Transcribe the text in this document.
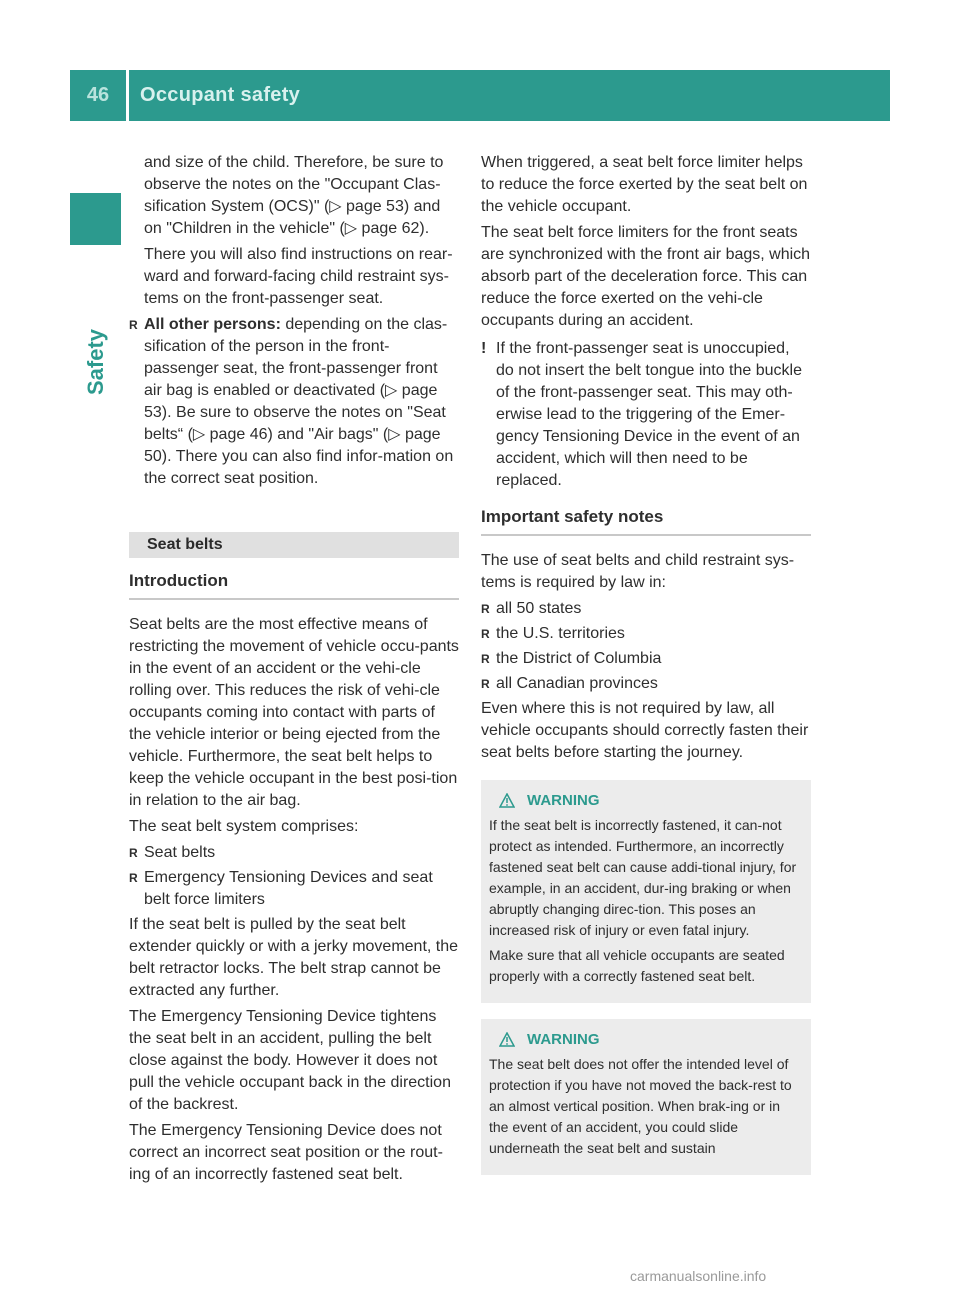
46	Occupant safety
Safety

and size of the child. Therefore, be sure to observe the notes on the "Occupant Clas-sification System (OCS)" (▷ page 53) and on "Children in the vehicle" (▷ page 62).

There you will also find instructions on rear-ward and forward-facing child restraint sys-tems on the front-passenger seat.

R All other persons: depending on the clas-sification of the person in the front-passenger seat, the front-passenger front air bag is enabled or deactivated (▷ page 53). Be sure to observe the notes on "Seat belts“ (▷ page 46) and "Air bags" (▷ page 50). There you can also find infor-mation on the correct seat position.
Seat belts
Introduction

Seat belts are the most effective means of restricting the movement of vehicle occu-pants in the event of an accident or the vehi-cle rolling over. This reduces the risk of vehi-cle occupants coming into contact with parts of the vehicle interior or being ejected from the vehicle. Furthermore, the seat belt helps to keep the vehicle occupant in the best posi-tion in relation to the air bag.

The seat belt system comprises:

R Seat belts
R Emergency Tensioning Devices and seat belt force limiters

If the seat belt is pulled by the seat belt extender quickly or with a jerky movement, the belt retractor locks. The belt strap cannot be extracted any further.

The Emergency Tensioning Device tightens the seat belt in an accident, pulling the belt close against the body. However it does not pull the vehicle occupant back in the direction of the backrest.

The Emergency Tensioning Device does not correct an incorrect seat position or the rout-ing of an incorrectly fastened seat belt.

When triggered, a seat belt force limiter helps to reduce the force exerted by the seat belt on the vehicle occupant.

The seat belt force limiters for the front seats are synchronized with the front air bags, which absorb part of the deceleration force. This can reduce the force exerted on the vehi-cle occupants during an accident.

! If the front-passenger seat is unoccupied, do not insert the belt tongue into the buckle of the front-passenger seat. This may oth-erwise lead to the triggering of the Emer-gency Tensioning Device in the event of an accident, which will then need to be replaced.
Important safety notes

The use of seat belts and child restraint sys-tems is required by law in:

R all 50 states
R the U.S. territories
R the District of Columbia
R all Canadian provinces

Even where this is not required by law, all vehicle occupants should correctly fasten their seat belts before starting the journey.

WARNING

If the seat belt is incorrectly fastened, it can-not protect as intended. Furthermore, an incorrectly fastened seat belt can cause addi-tional injury, for example, in an accident, dur-ing braking or when abruptly changing direc-tion. This poses an increased risk of injury or even fatal injury.

Make sure that all vehicle occupants are seated properly with a correctly fastened seat belt.

WARNING

The seat belt does not offer the intended level of protection if you have not moved the back-rest to an almost vertical position. When brak-ing or in the event of an accident, you could slide underneath the seat belt and sustain

carmanualsonline.info
